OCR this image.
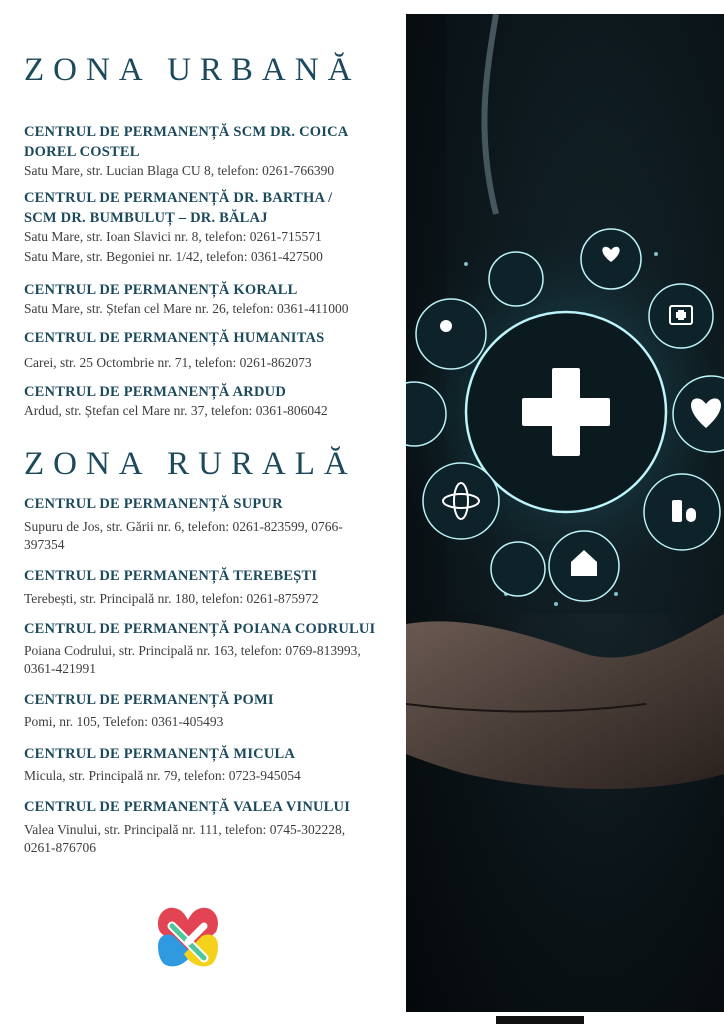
ZONA URBANĂ
CENTRUL DE PERMANENȚĂ SCM DR. COICA
DOREL COSTEL

Satu Mare, str. Lucian Blaga CU 8, telefon: 0261-766390

CENTRUL DE PERMANENȚĂ DR. BARTHA /
SCM DR. BUMBULUȚ – DR. BĂLAJ

Satu Mare, str. Ioan Slavici nr. 8, telefon: 0261-715571

Satu Mare, str. Begoniei nr. 1/42, telefon: 0361-427500

CENTRUL DE PERMANENȚĂ KORALL

Satu Mare, str. Ștefan cel Mare nr. 26, telefon: 0361-411000

CENTRUL DE PERMANENȚĂ HUMANITAS

Carei, str. 25 Octombrie nr. 71, telefon: 0261-862073

CENTRUL DE PERMANENȚĂ ARDUD

Ardud, str. Ștefan cel Mare nr. 37, telefon: 0361-806042

ZONA RURALĂ
CENTRUL DE PERMANENȚĂ SUPUR

Supuru de Jos, str. Gării nr. 6, telefon: 0261-823599, 0766-

397354

CENTRUL DE PERMANENȚĂ TEREBEȘTI

Terebești, str. Principală nr. 180, telefon: 0261-875972

CENTRUL DE PERMANENȚĂ POIANA CODRULUI

Poiana Codrului, str. Principală nr. 163, telefon: 0769-813993,

0361-421991

CENTRUL DE PERMANENȚĂ POMI

Pomi, nr. 105, Telefon: 0361-405493

CENTRUL DE PERMANENȚĂ MICULA

Micula, str. Principală nr. 79, telefon: 0723-945054

CENTRUL DE PERMANENȚĂ VALEA VINULUI

Valea Vinului, str. Principală nr. 111, telefon: 0745-302228,

0261-876706
